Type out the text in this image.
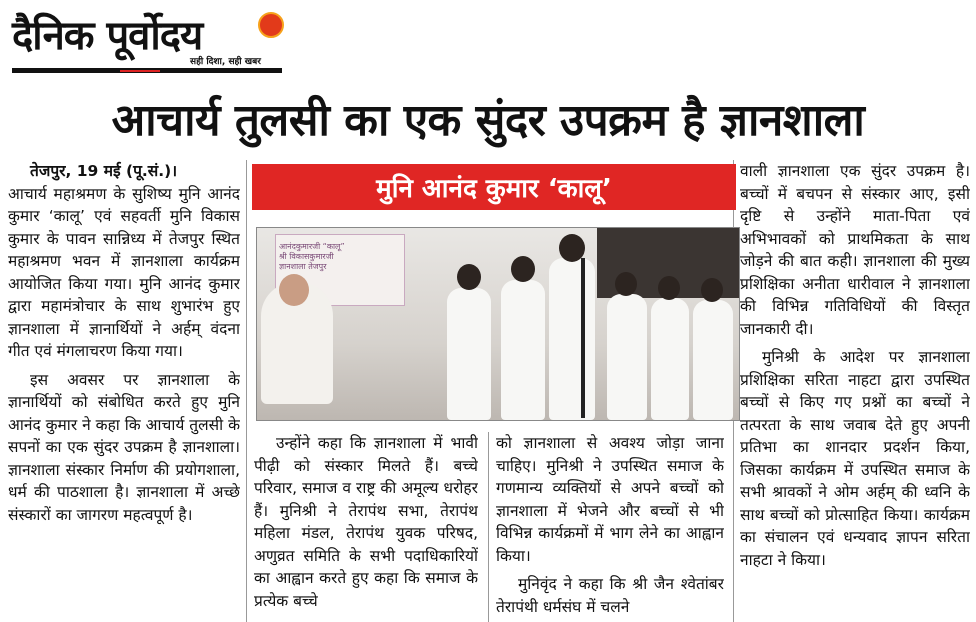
दैनिक पूर्वोदय
सही दिशा, सही खबर
आचार्य तुलसी का एक सुंदर उपक्रम है ज्ञानशाला

तेजपुर, 19 मई (पू.सं.)।

आचार्य महाश्रमण के सुशिष्य मुनि आनंद कुमार ‘कालू’ एवं सहवर्ती मुनि विकास कुमार के पावन सान्निध्य में तेजपुर स्थित महाश्रमण भवन में ज्ञानशाला कार्यक्रम आयोजित किया गया। मुनि आनंद कुमार द्वारा महामंत्रोचार के साथ शुभारंभ हुए ज्ञानशाला में ज्ञानार्थियों ने अर्हम् वंदना गीत एवं मंगलाचरण किया गया।

इस अवसर पर ज्ञानशाला के ज्ञानार्थियों को संबोधित करते हुए मुनि आनंद कुमार ने कहा कि आचार्य तुलसी के सपनों का एक सुंदर उपक्रम है ज्ञानशाला। ज्ञानशाला संस्कार निर्माण की प्रयोगशाला, धर्म की पाठशाला है। ज्ञानशाला में अच्छे संस्कारों का जागरण महत्वपूर्ण है।

मुनि आनंद कुमार ‘कालू’
आनंदकुमारजी “कालू”
श्री विकासकुमारजी
ज्ञानशाला तेजपुर

उन्होंने कहा कि ज्ञानशाला में भावी पीढ़ी को संस्कार मिलते हैं। बच्चे परिवार, समाज व राष्ट्र की अमूल्य धरोहर हैं। मुनिश्री ने तेरापंथ सभा, तेरापंथ महिला मंडल, तेरापंथ युवक परिषद, अणुव्रत समिति के सभी पदाधिकारियों का आह्वान करते हुए कहा कि समाज के प्रत्येक बच्चे

को ज्ञानशाला से अवश्य जोड़ा जाना चाहिए। मुनिश्री ने उपस्थित समाज के गणमान्य व्यक्तियों से अपने बच्चों को ज्ञानशाला में भेजने और बच्चों से भी विभिन्न कार्यक्रमों में भाग लेने का आह्वान किया।

मुनिवृंद ने कहा कि श्री जैन श्वेतांबर तेरापंथी धर्मसंघ में चलने

वाली ज्ञानशाला एक सुंदर उपक्रम है। बच्चों में बचपन से संस्कार आए, इसी दृष्टि से उन्होंने माता-पिता एवं अभिभावकों को प्राथमिकता के साथ जोड़ने की बात कही। ज्ञानशाला की मुख्य प्रशिक्षिका अनीता धारीवाल ने ज्ञानशाला की विभिन्न गतिविधियों की विस्तृत जानकारी दी।

मुनिश्री के आदेश पर ज्ञानशाला प्रशिक्षिका सरिता नाहटा द्वारा उपस्थित बच्चों से किए गए प्रश्नों का बच्चों ने तत्परता के साथ जवाब देते हुए अपनी प्रतिभा का शानदार प्रदर्शन किया, जिसका कार्यक्रम में उपस्थित समाज के सभी श्रावकों ने ओम अर्हम् की ध्वनि के साथ बच्चों को प्रोत्साहित किया। कार्यक्रम का संचालन एवं धन्यवाद ज्ञापन सरिता नाहटा ने किया।
